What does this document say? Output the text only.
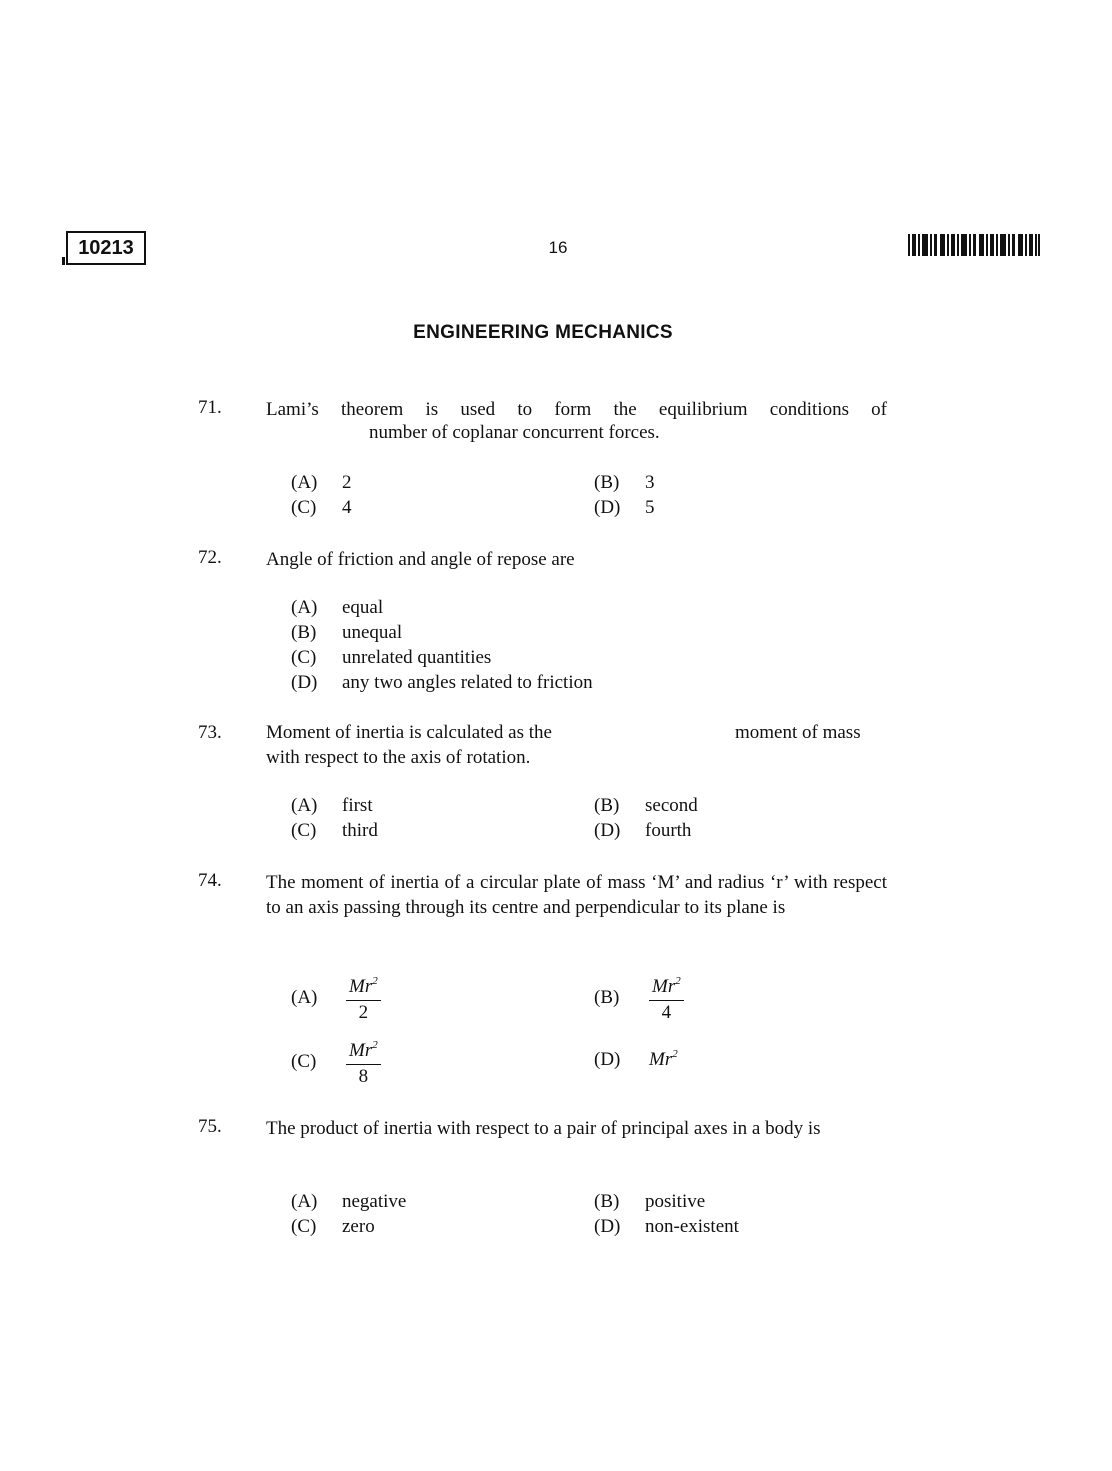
10213	16
ENGINEERING MECHANICS
71. Lami’s theorem is used to form the equilibrium conditions of
number of coplanar concurrent forces.
(A) 2	(B) 3
(C) 4	(D) 5
72. Angle of friction and angle of repose are
(A) equal
(B) unequal
(C) unrelated quantities
(D) any two angles related to friction
73. Moment of inertia is calculated as the	moment of mass
with respect to the axis of rotation.
(A) first	(B) second
(C) third	(D) fourth
74. The moment of inertia of a circular plate of mass ‘M’ and radius ‘r’ with respect to an axis passing through its centre and perpendicular to its plane is
$(A) \frac{Mr^2}{2}$	$(B) \frac{Mr^2}{4}$
$(C) \frac{Mr^2}{8}$	(D) Mr$^2$
75. The product of inertia with respect to a pair of principal axes in a body is
(A) negative	(B) positive
(C) zero	(D) non-existent
